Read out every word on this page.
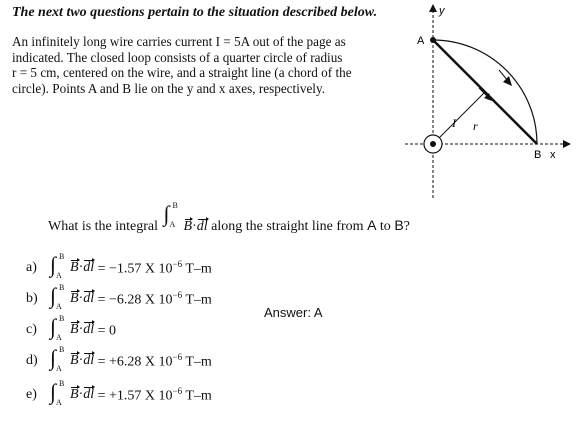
The next two questions pertain to the situation described below.

An infinitely long wire carries current I = 5A out of the page as

indicated. The closed loop consists of a quarter circle of radius

r = 5 cm, centered on the wire, and a straight line (a chord of the

circle). Points A and B lie on the y and x axes, respectively.

A
y
I r
B x
What is the integral
∫ B
A B·dl along the straight line from A to B?
a) ∫ B
A
B · dl = −1.57 X $10^{-6}$ T–m
b) ∫ B
A
B · dl = −6.28 X $10^{-6}$ T–m
c) ∫ B
A
B · dl = 0
d) ∫ B
A
B · dl = +6.28 X $10^{-6}$ T–m
e) ∫ B
A
B · dl = +1.57 X $10^{-6}$ T–m
Answer: A
